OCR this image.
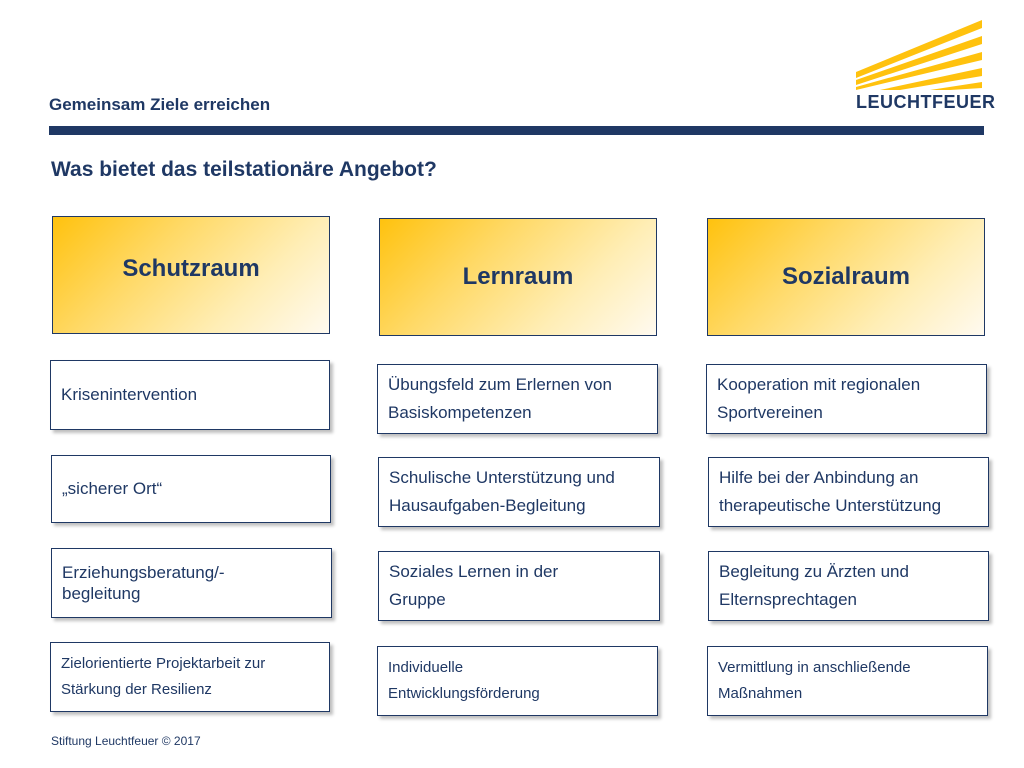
Gemeinsam Ziele erreichen
Was bietet das teilstationäre Angebot?
LEUCHTFEUER
Schutzraum
Krisenintervention
„sicherer Ort“
Erziehungsberatung/-
begleitung
Zielorientierte Projektarbeit zur
Stärkung der Resilienz
Lernraum
Übungsfeld zum Erlernen von
Basiskompetenzen
Schulische Unterstützung und
Hausaufgaben-Begleitung
Soziales Lernen in der
Gruppe
Individuelle
Entwicklungsförderung
Sozialraum
Kooperation mit regionalen
Sportvereinen
Hilfe bei der Anbindung an
therapeutische Unterstützung
Begleitung zu Ärzten und
Elternsprechtagen
Vermittlung in anschließende
Maßnahmen
Stiftung Leuchtfeuer © 2017
